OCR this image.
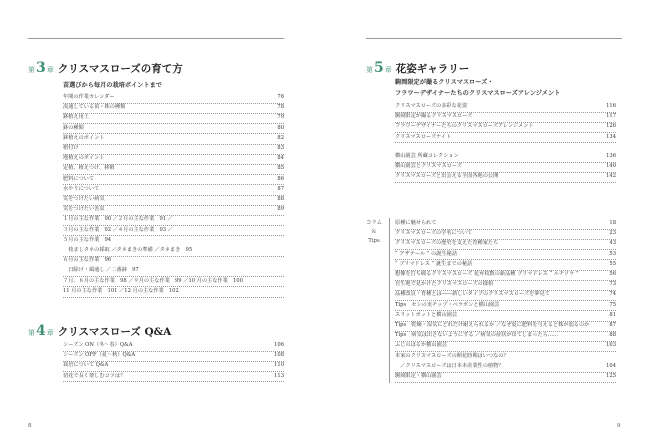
第 3 章 クリスマスローズの育て方
苗選びから毎月の栽培ポイントまで
年間の作業カレンダー	76
流通している苗・株の種類	78
鉢植え用土	79
鉢の種類	80
鉢植えのポイント	82
植付け	83
地植えのポイント	84
定植、植えつけ、移植	85
肥料について	86
水やりについて	87
気をつけたい病気	88
気をつけたい害虫	89
１月の主な作業　90 ／２月の主な作業　91 ／
３月の主な作業　92 ／４月の主な作業　93 ／
５月の主な作業　94
　枝ましタネの採取 ／タネまきの準備 ／タネまき　95
６月の主な作業　96
　日除け・風通し ／二番鉢　97
７月、８月の主な作業　98 ／９月の主な作業　99 ／10 月の主な作業　100
11 月の主な作業　101 ／12 月の主な作業　102
第 4 章 クリスマスローズ Q&A
シーズン ON（冬〜春）Q&A	106
シーズン OFF（夏〜秋）Q&A	108
栽培について Q&A	110
切花で長く楽しむコツは？	113
8
第 5 章 花姿ギャラリー
駒岡限定が撮るクリスマスローズ・
フラワーデザイナーたちのクリスマスローズアレンジメント
クリスマスローズの多彩な花姿	116
駒岡限定が撮るクリスマスローズ	117
フラワーデザイナーたちのクリスマスローズアレンジメント	126
クリスマスローズナイト	134
横山園芸 所蔵コレクション	136
横山園芸とクリスマスローズ	140
クリスマスローズと出会える全国各地の公開	142
コラム
＆
Tips
原種に魅せられて	18
クリスマスローズの学名について	23
クリスマスローズの歴史を支えた育種家たち	43
“ アザテール ” の誕生秘話	53
“ プリマドレス ” 誕生までの秘話	55
想像を打ち破るクリスマスローズ 花弁枚数の新品種 プリマドレス “ ルチソラ ”	56
自生地で見かけたクリスマスローズの様相	73
品種改良・育種とは――新しいタイプのクリスマスローズを夢見て	74
Tips　セシの実チップ・ペラポンと横山園芸	75
スリットポットと横山園芸	81
Tips　乾燥・湿気にどれだけ耐えられるか ／なぜ夏に肥料を与えると株が弱るのか	87
Tips　病気は出さないようにする ／病気の症状が出てしまったら……	88
ふじのはるか横山園芸	103
本家のクリスマスローズの開花時期はいつなの？
　／クリスマスローズは日本本産業性の植物？	104
駒岡限定・横山園芸	125
9
